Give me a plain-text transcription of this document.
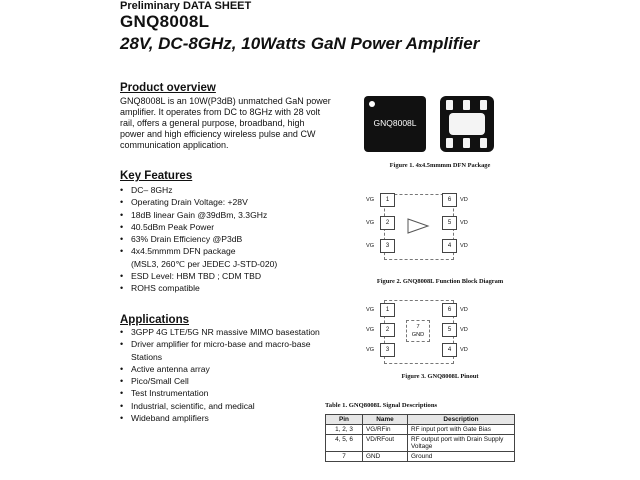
Preliminary DATA SHEET
GNQ8008L
28V, DC-8GHz, 10Watts GaN Power Amplifier
Product overview
GNQ8008L is an 10W(P3dB) unmatched GaN power
amplifier. It operates from DC to 8GHz with 28 volt
rail, offers a general purpose, broadband, high
power and high efficiency wireless pulse and CW
communication application.
Key Features
• DC– 8GHz
• Operating Drain Voltage: +28V
• 18dB linear Gain @39dBm, 3.3GHz
• 40.5dBm Peak Power
• 63% Drain Efficiency @P3dB
• 4x4.5mmmm DFN package
(MSL3, 260℃ per JEDEC J-STD-020)
• ESD Level: HBM TBD ; CDM TBD
• ROHS compatible
Applications
• 3GPP 4G LTE/5G NR massive MIMO basestation
• Driver amplifier for micro-base and macro-base
Stations
• Active antenna array
• Pico/Small Cell
• Test Instrumentation
• Industrial, scientific, and medical
• Wideband amplifiers
GNQ8008L
Figure 1. 4x4.5mmmm DFN Package
VG	1
VG	2
VG	3
6	VD
5	VD
4	VD
Figure 2. GNQ8008L Function Block Diagram
7
GND
VG	1
VG	2
VG	3
6	VD
5	VD
4	VD
Figure 3. GNQ8008L Pinout
Table 1. GNQ8008L Signal Descriptions
Pin	Name	Description
1, 2, 3	VG/RFin	RF input port with Gate Bias
4, 5, 6	VD/RFout	RF output port with Drain Supply Voltage
7	GND	Ground
